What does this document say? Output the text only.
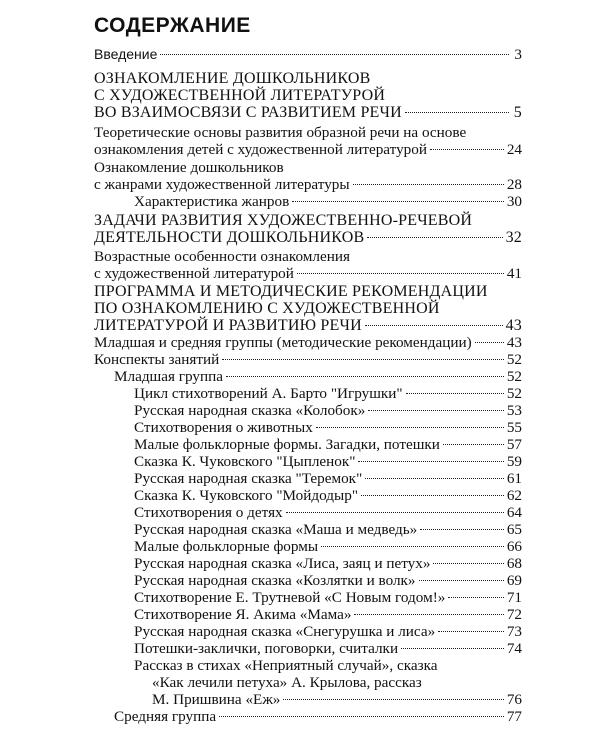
СОДЕРЖАНИЕ
Введение	3
ОЗНАКОМЛЕНИЕ ДОШКОЛЬНИКОВ
С ХУДОЖЕСТВЕННОЙ ЛИТЕРАТУРОЙ
ВО ВЗАИМОСВЯЗИ С РАЗВИТИЕМ РЕЧИ	5
Теоретические основы развития образной речи на основе
ознакомления детей с художественной литературой	24
Ознакомление дошкольников
с жанрами художественной литературы	28
Характеристика жанров	30
ЗАДАЧИ РАЗВИТИЯ ХУДОЖЕСТВЕННО-РЕЧЕВОЙ
ДЕЯТЕЛЬНОСТИ ДОШКОЛЬНИКОВ	32
Возрастные особенности ознакомления
с художественной литературой	41
ПРОГРАММА И МЕТОДИЧЕСКИЕ РЕКОМЕНДАЦИИ
ПО ОЗНАКОМЛЕНИЮ С ХУДОЖЕСТВЕННОЙ
ЛИТЕРАТУРОЙ И РАЗВИТИЮ РЕЧИ	43
Младшая и средняя группы (методические рекомендации) 43
Конспекты занятий	52
Младшая группа	52
Цикл стихотворений А. Барто "Игрушки"	52
Русская народная сказка «Колобок»	53
Стихотворения о животных	55
Малые фольклорные формы. Загадки, потешки	57
Сказка К. Чуковского "Цыпленок"	59
Русская народная сказка "Теремок"	61
Сказка К. Чуковского "Мойдодыр"	62
Стихотворения о детях	64
Русская народная сказка «Маша и медведь»	65
Малые фольклорные формы	66
Русская народная сказка «Лиса, заяц и петух»	68
Русская народная сказка «Козлятки и волк»	69
Стихотворение Е. Трутневой «С Новым годом!»	71
Стихотворение Я. Акима «Мама»	72
Русская народная сказка «Снегурушка и лиса»	73
Потешки-заклички, поговорки, считалки	74
Рассказ в стихах «Неприятный случай», сказка
«Как лечили петуха» А. Крылова, рассказ
М. Пришвина «Еж»	76
Средняя группа	77
